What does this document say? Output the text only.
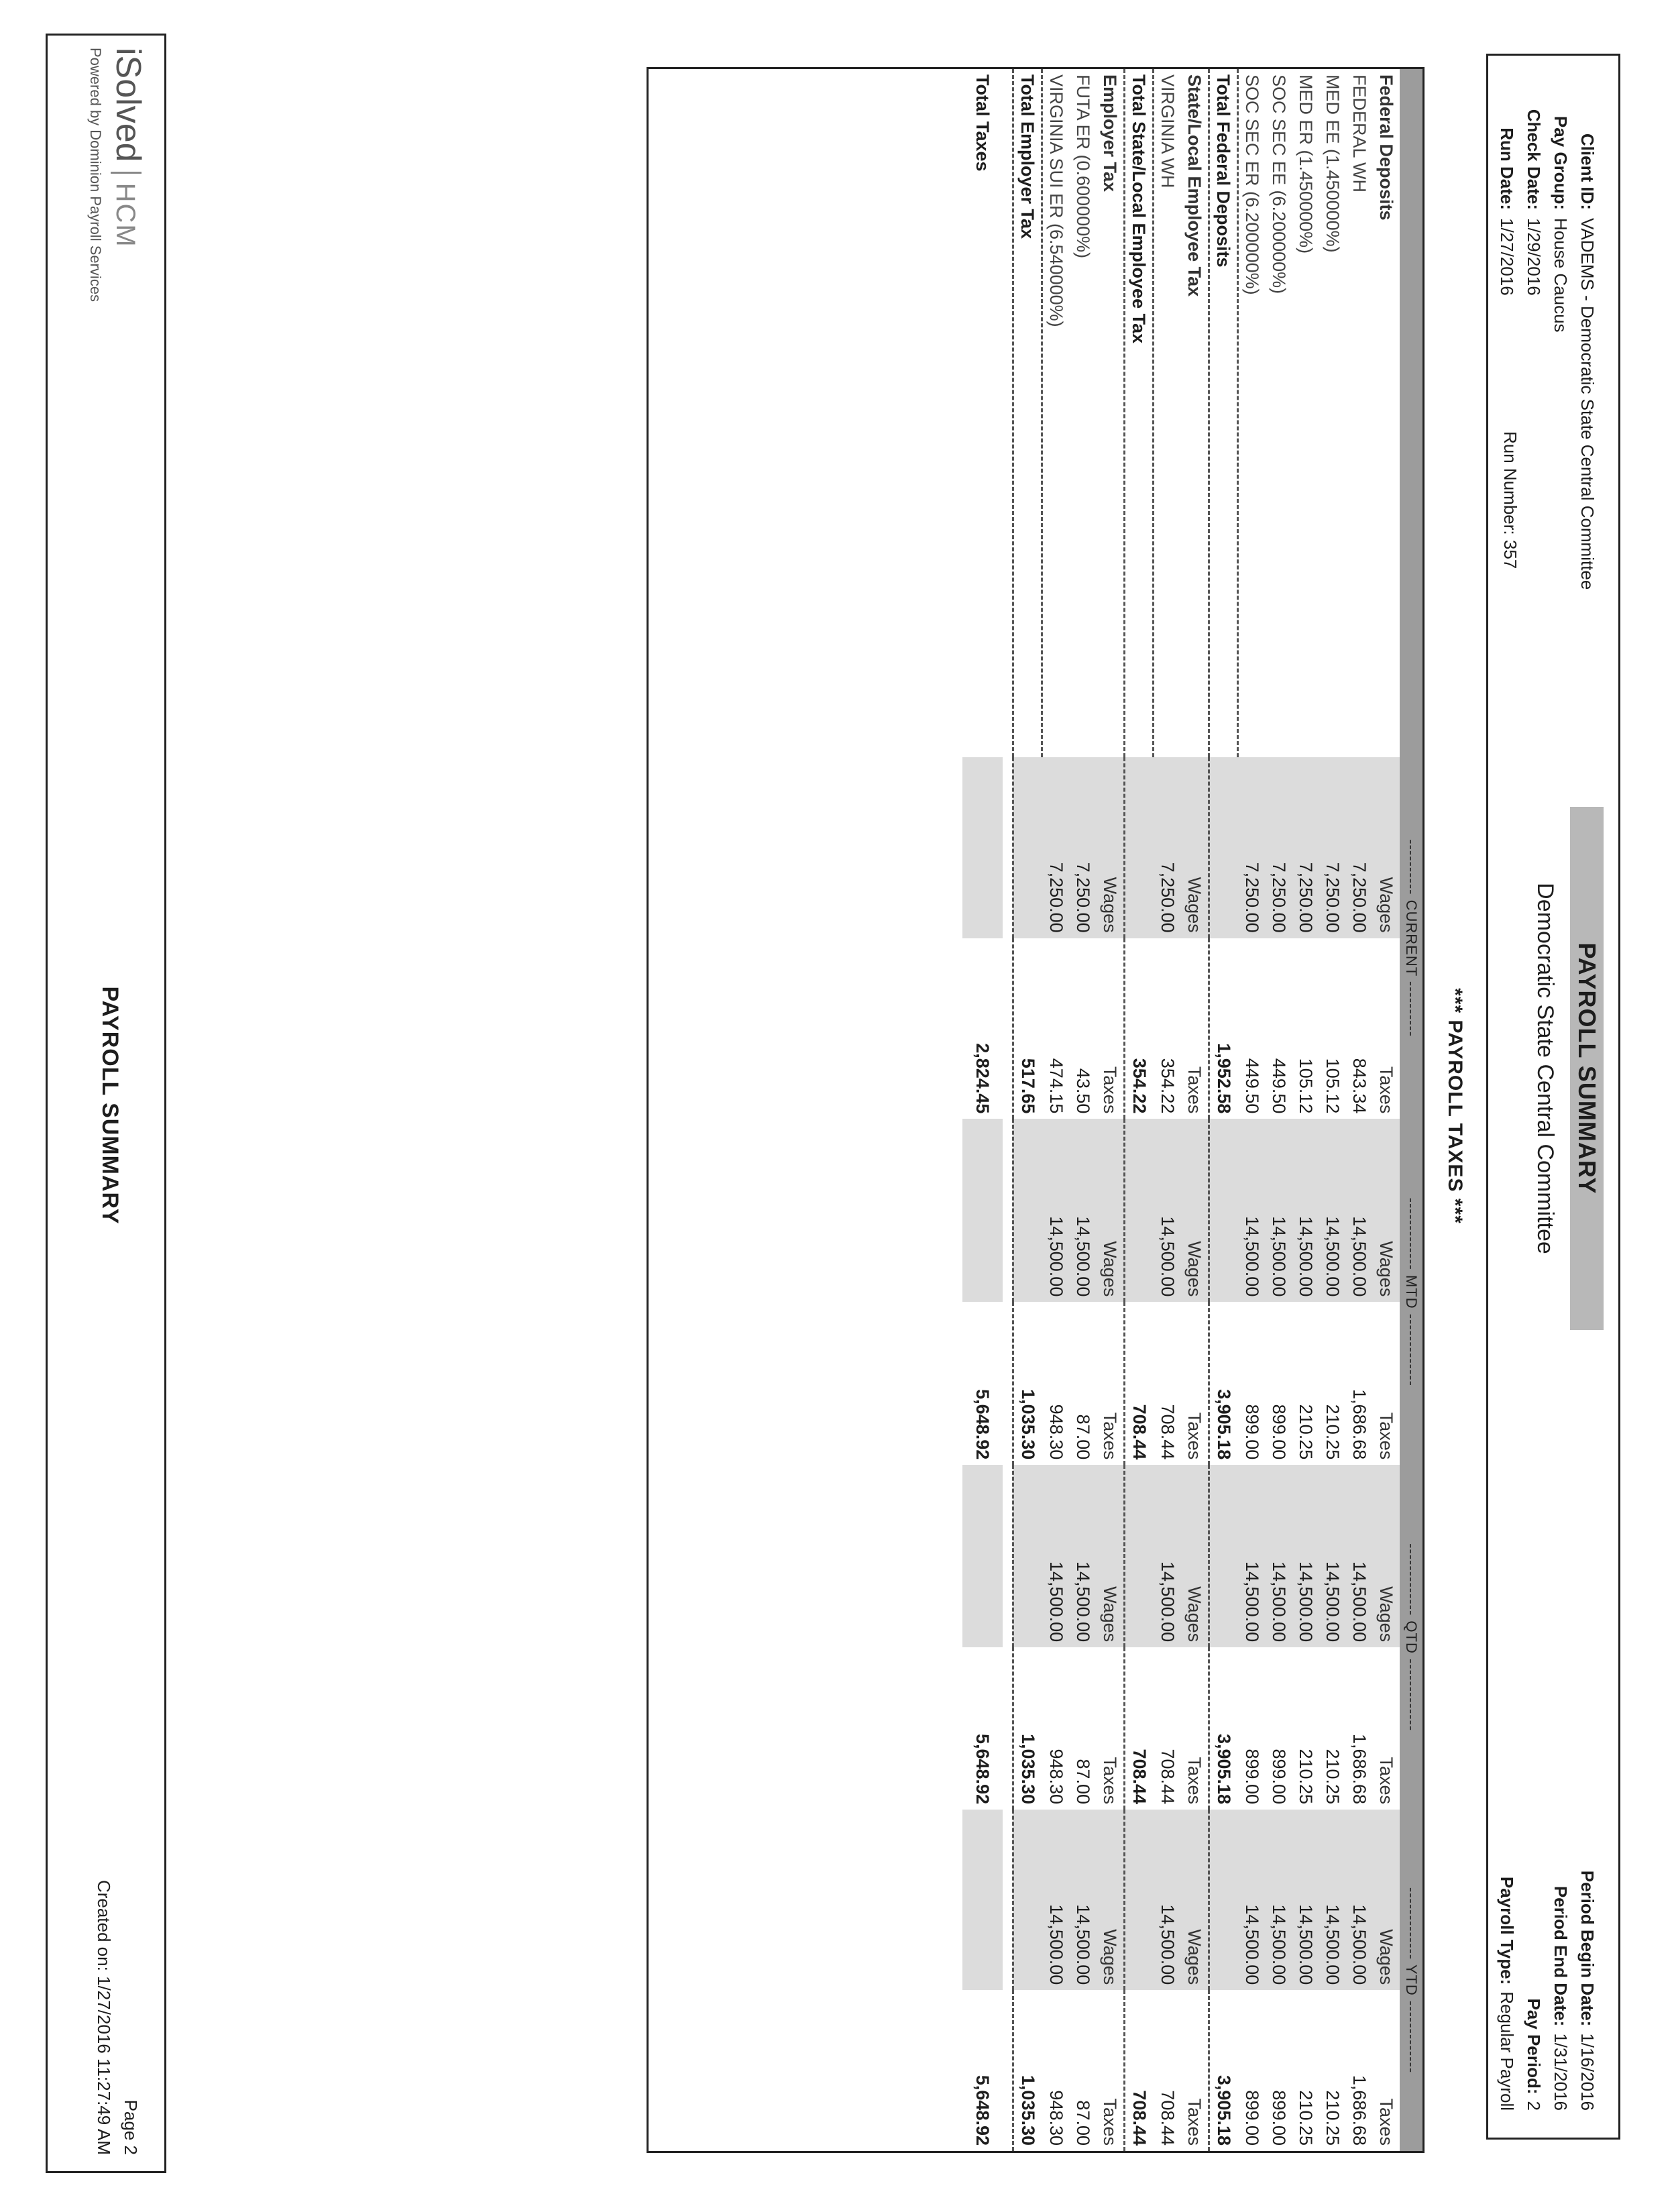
Client ID:VADEMS - Democratic State Central Committee
Pay Group:House Caucus
Check Date:1/29/2016
Run Date:1/27/2016
Run Number: 357
PAYROLL SUMMARY
Democratic State Central Committee
Period Begin Date:1/16/2016
Period End Date:1/31/2016
Pay Period:2
Payroll Type:Regular Payroll
*** PAYROLL TAXES ***
	---------- CURRENT ----------		------------- MTD -------------		------------- QTD -------------		------------- YTD -------------	
Federal Deposits	Wages	Taxes	Wages	Taxes	Wages	Taxes	Wages	Taxes
FEDERAL WH	7,250.00	843.34	14,500.00	1,686.68	14,500.00	1,686.68	14,500.00	1,686.68
MED EE (1.450000%)	7,250.00	105.12	14,500.00	210.25	14,500.00	210.25	14,500.00	210.25
MED ER (1.450000%)	7,250.00	105.12	14,500.00	210.25	14,500.00	210.25	14,500.00	210.25
SOC SEC EE (6.200000%)	7,250.00	449.50	14,500.00	899.00	14,500.00	899.00	14,500.00	899.00
SOC SEC ER (6.200000%)	7,250.00	449.50	14,500.00	899.00	14,500.00	899.00	14,500.00	899.00
Total Federal Deposits		1,952.58		3,905.18		3,905.18		3,905.18
State/Local Employee Tax	Wages	Taxes	Wages	Taxes	Wages	Taxes	Wages	Taxes
VIRGINIA WH	7,250.00	354.22	14,500.00	708.44	14,500.00	708.44	14,500.00	708.44
Total State/Local Employee Tax		354.22		708.44		708.44		708.44
Employer Tax	Wages	Taxes	Wages	Taxes	Wages	Taxes	Wages	Taxes
FUTA ER (0.600000%)	7,250.00	43.50	14,500.00	87.00	14,500.00	87.00	14,500.00	87.00
VIRGINIA SUI ER (6.540000%)	7,250.00	474.15	14,500.00	948.30	14,500.00	948.30	14,500.00	948.30
Total Employer Tax		517.65		1,035.30		1,035.30		1,035.30

Total Taxes		2,824.45		5,648.92		5,648.92		5,648.92
iSolvedHCM
Powered by Dominion Payroll Services
PAYROLL SUMMARY
Page 2
Created on: 1/27/2016 11:27:49 AM
